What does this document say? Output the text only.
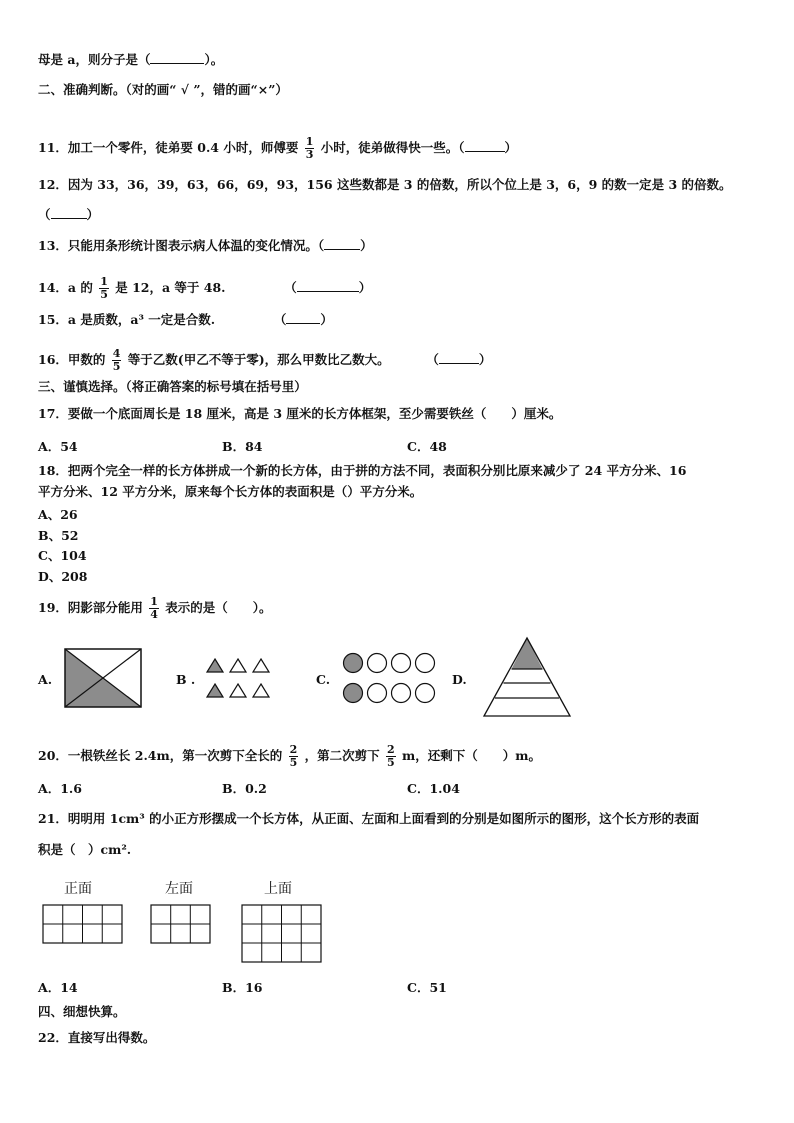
母是 a，则分子是（	）。
二、准确判断。（对的画“ √ ”，错的画“×”）
11．加工一个零件，徒弟要 0.4 小时，师傅要 $\frac{1}{3}$ 小时，徒弟做得快一些。（	）
12．因为 33，36，39，63，66，69，93，156 这些数都是 3 的倍数，所以个位上是 3，6，9 的数一定是 3 的倍数。
（	）
13．只能用条形统计图表示病人体温的变化情况。（	）
14．a 的 $\frac{1}{5}$ 是 12，a 等于 48.	（	）
15．a 是质数，a³ 一定是合数.	（	）
16．甲数的 $\frac{4}{5}$ 等于乙数(甲乙不等于零)，那么甲数比乙数大。	（	）
三、谨慎选择。（将正确答案的标号填在括号里）
17．要做一个底面周长是 18 厘米，高是 3 厘米的长方体框架，至少需要铁丝（　　）厘米。
A．54	B．84	C．48
18．把两个完全一样的长方体拼成一个新的长方体，由于拼的方法不同，表面积分别比原来减少了 24 平方分米、16
平方分米、12 平方分米，原来每个长方体的表面积是（）平方分米。
A、26
B、52
C、104
D、208
19．阴影部分能用 $\frac{1}{4}$ 表示的是（　　）。
A.	B .	C.	D.
20．一根铁丝长 2.4m，第一次剪下全长的 $\frac{2}{5}$ ，第二次剪下 $\frac{2}{5}$ m，还剩下（　　）m。
A．1.6	B．0.2	C．1.04
21．明明用 1cm³ 的小正方形摆成一个长方体，从正面、左面和上面看到的分别是如图所示的图形，这个长方形的表面
积是（　）cm².
正面	左面	上面
A．14	B．16	C．51
四、细想快算。
22．直接写出得数。
